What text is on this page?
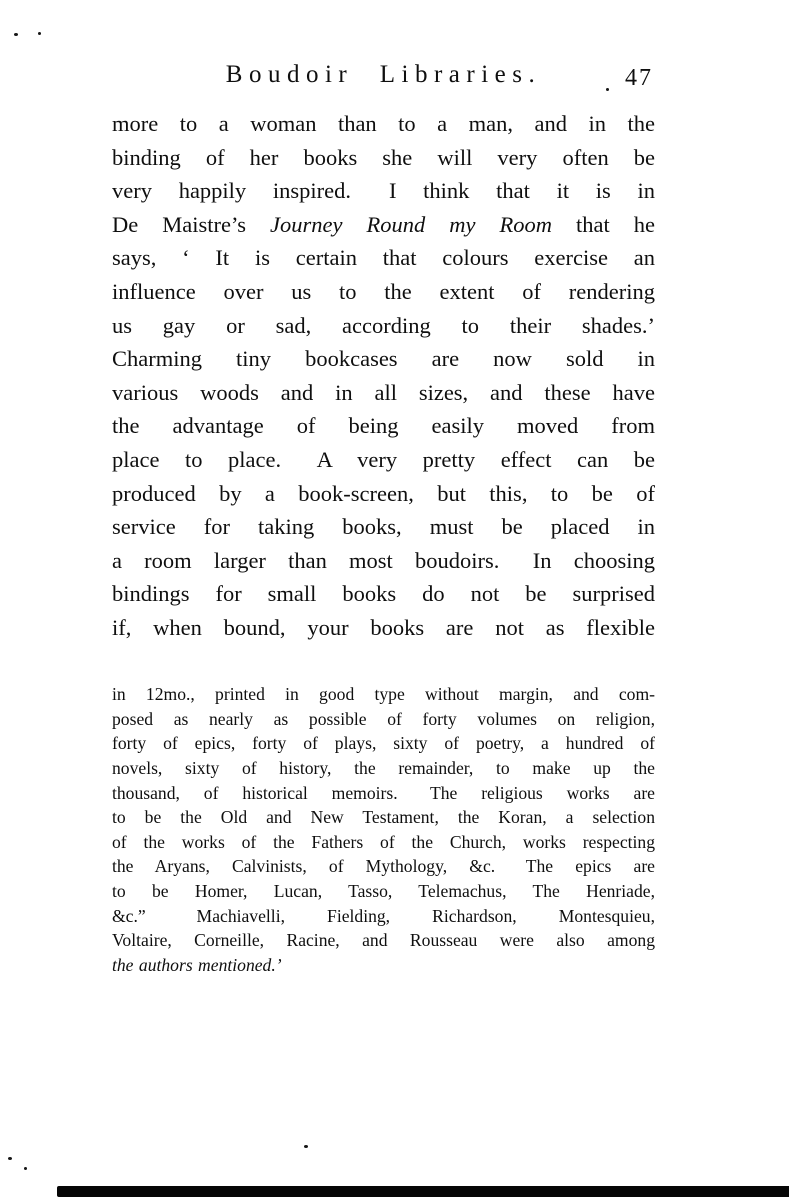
Boudoir Libraries.	47
more to a woman than to a man, and in the
binding of her books she will very often be
very happily inspired.  I think that it is in
De Maistre’s Journey Round my Room that he
says, ‘ It is certain that colours exercise an
influence over us to the extent of rendering
us gay or sad, according to their shades.’
Charming tiny bookcases are now sold in
various woods and in all sizes, and these have
the advantage of being easily moved from
place to place.  A very pretty effect can be
produced by a book-screen, but this, to be of
service for taking books, must be placed in
a room larger than most boudoirs.  In choosing
bindings for small books do not be surprised
if, when bound, your books are not as flexible
in 12mo., printed in good type without margin, and com-
posed as nearly as possible of forty volumes on religion,
forty of epics, forty of plays, sixty of poetry, a hundred of
novels, sixty of history, the remainder, to make up the
thousand, of historical memoirs.  The religious works are
to be the Old and New Testament, the Koran, a selection
of the works of the Fathers of the Church, works respecting
the Aryans, Calvinists, of Mythology, &c.  The epics are
to be Homer, Lucan, Tasso, Telemachus, The Henriade,
&c.”  Machiavelli, Fielding, Richardson, Montesquieu,
Voltaire, Corneille, Racine, and Rousseau were also among
the authors mentioned.’
